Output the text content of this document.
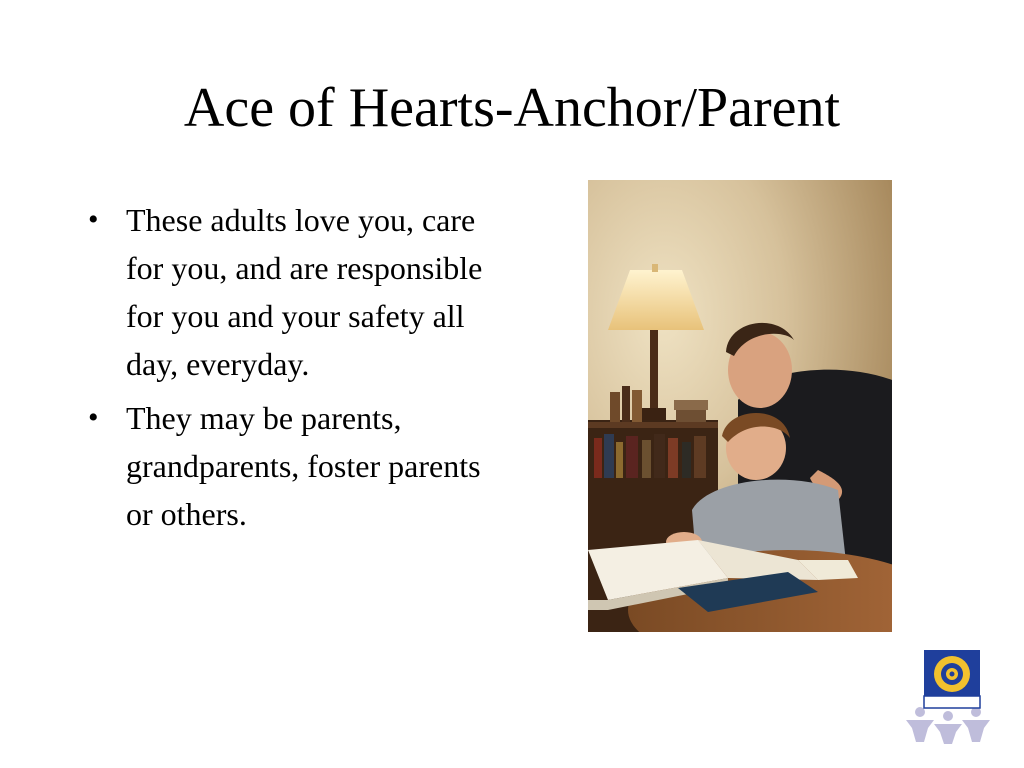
Ace of Hearts-Anchor/Parent
• These adults love you, care for you, and are responsible for you and your safety all day, everyday.
• They may be parents, grandparents, foster parents or others.
